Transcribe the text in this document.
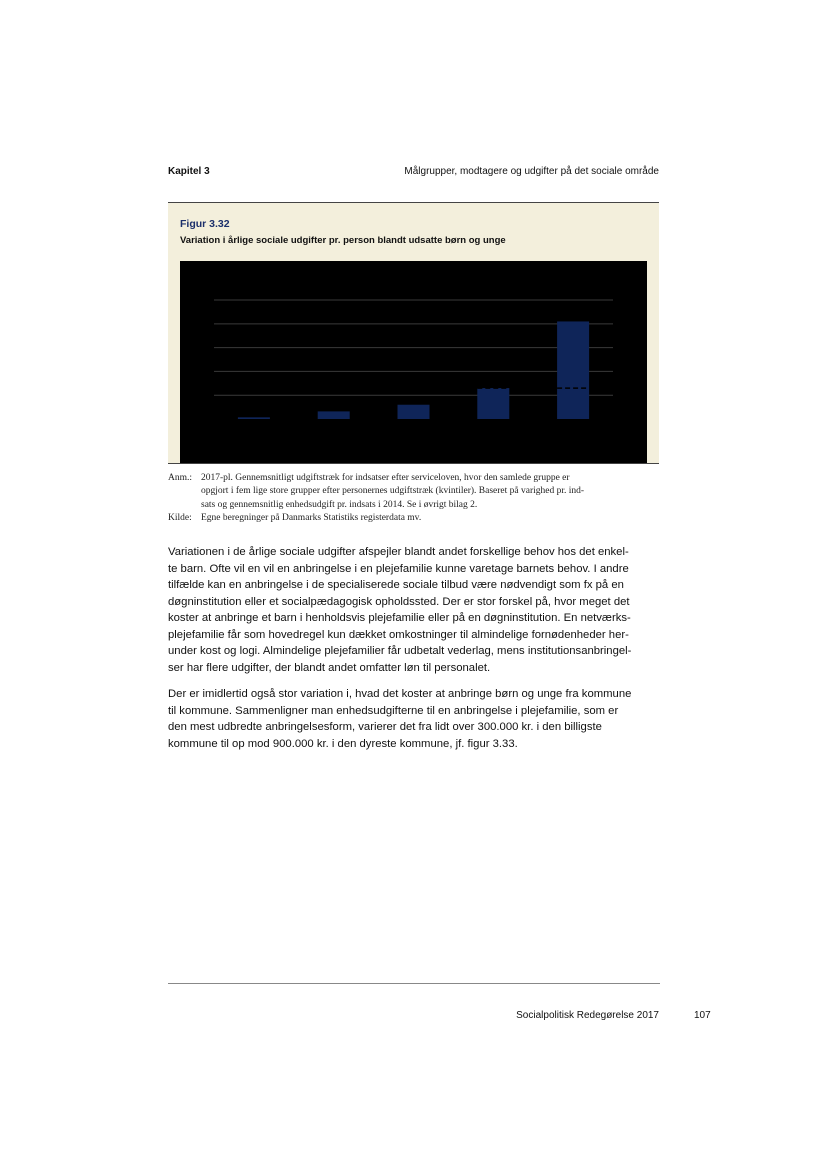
Kapitel 3	Målgrupper, modtagere og udgifter på det sociale område
Figur 3.32
Variation i årlige sociale udgifter pr. person blandt udsatte børn og unge
Anm.: 2017-pl. Gennemsnitligt udgiftstræk for indsatser efter serviceloven, hvor den samlede gruppe er
opgjort i fem lige store grupper efter personernes udgiftstræk (kvintiler). Baseret på varighed pr. ind-
sats og gennemsnitlig enhedsudgift pr. indsats i 2014. Se i øvrigt bilag 2.
Kilde: Egne beregninger på Danmarks Statistiks registerdata mv.
Variationen i de årlige sociale udgifter afspejler blandt andet forskellige behov hos det enkel-
te barn. Ofte vil en vil en anbringelse i en plejefamilie kunne varetage barnets behov. I andre
tilfælde kan en anbringelse i de specialiserede sociale tilbud være nødvendigt som fx på en
døgninstitution eller et socialpædagogisk opholdssted. Der er stor forskel på, hvor meget det
koster at anbringe et barn i henholdsvis plejefamilie eller på en døgninstitution. En netværks-
plejefamilie får som hovedregel kun dækket omkostninger til almindelige fornødenheder her-
under kost og logi. Almindelige plejefamilier får udbetalt vederlag, mens institutionsanbringel-
ser har flere udgifter, der blandt andet omfatter løn til personalet.
Der er imidlertid også stor variation i, hvad det koster at anbringe børn og unge fra kommune
til kommune. Sammenligner man enhedsudgifterne til en anbringelse i plejefamilie, som er
den mest udbredte anbringelsesform, varierer det fra lidt over 300.000 kr. i den billigste
kommune til op mod 900.000 kr. i den dyreste kommune, jf. figur 3.33.
Socialpolitisk Redegørelse 2017	107
